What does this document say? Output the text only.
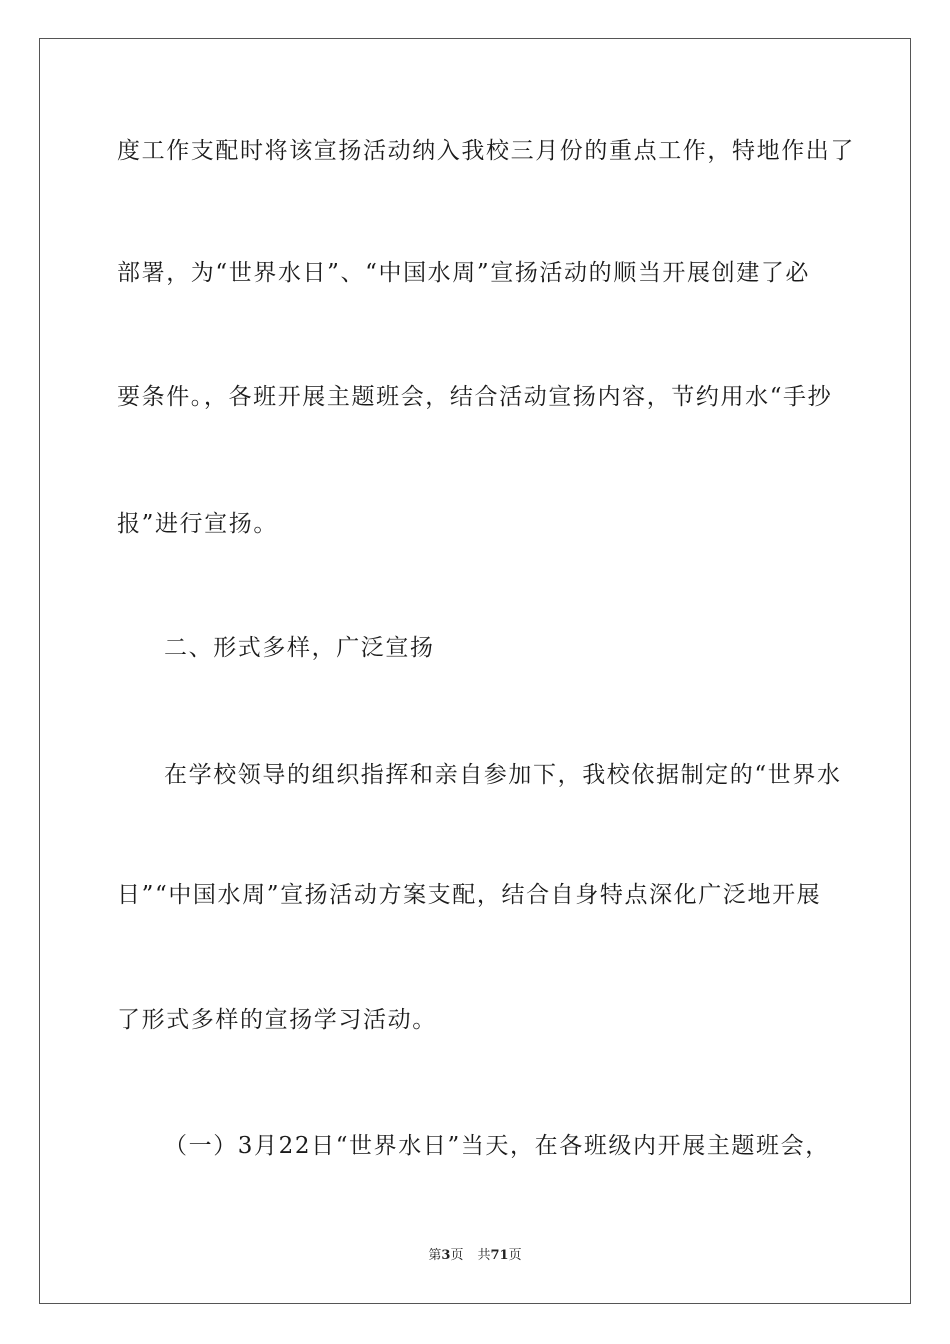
度工作支配时将该宣扬活动纳入我校三月份的重点工作，特地作出了
部署，为“世界水日”、“中国水周”宣扬活动的顺当开展创建了必
要条件。，各班开展主题班会，结合活动宣扬内容，节约用水“手抄
报”进行宣扬。
二、形式多样，广泛宣扬
在学校领导的组织指挥和亲自参加下，我校依据制定的“世界水
日”“中国水周”宣扬活动方案支配，结合自身特点深化广泛地开展
了形式多样的宣扬学习活动。
（一）3月22日“世界水日”当天，在各班级内开展主题班会，
第3页 共71页
